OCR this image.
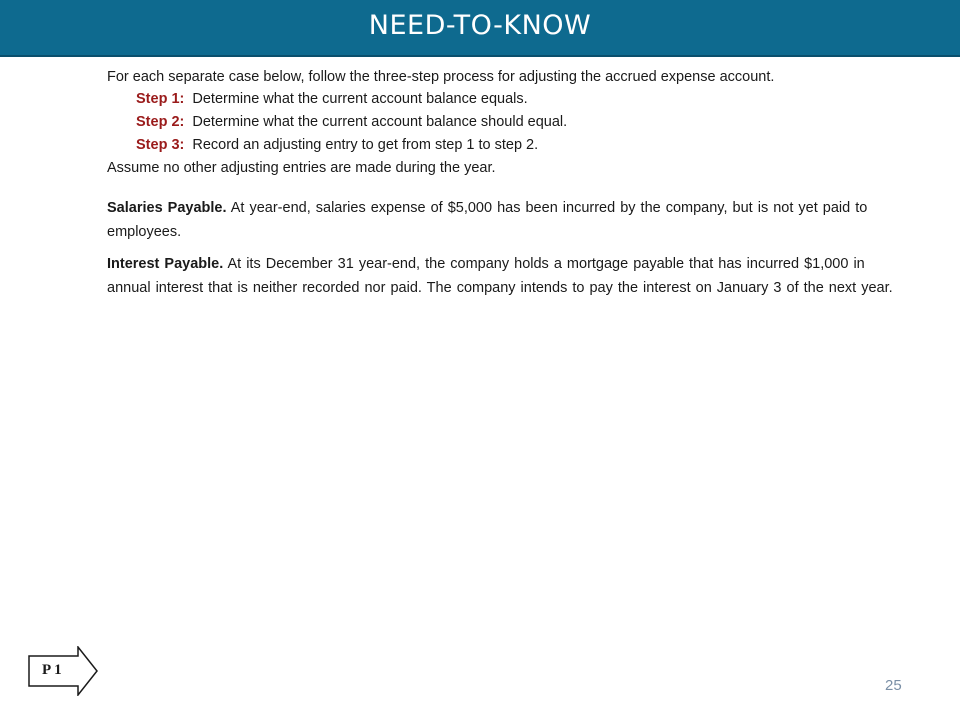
NEED-TO-KNOW

For each separate case below, follow the three-step process for adjusting the accrued expense account.

Step 1: Determine what the current account balance equals.
Step 2: Determine what the current account balance should equal.
Step 3: Record an adjusting entry to get from step 1 to step 2.

Assume no other adjusting entries are made during the year.

Salaries Payable. At year-end, salaries expense of $5,000 has been incurred by the company, but is not yet paid to employees.

Interest Payable. At its December 31 year-end, the company holds a mortgage payable that has incurred $1,000 in annual interest that is neither recorded nor paid. The company intends to pay the interest on January 3 of the next year.

P 1
25
